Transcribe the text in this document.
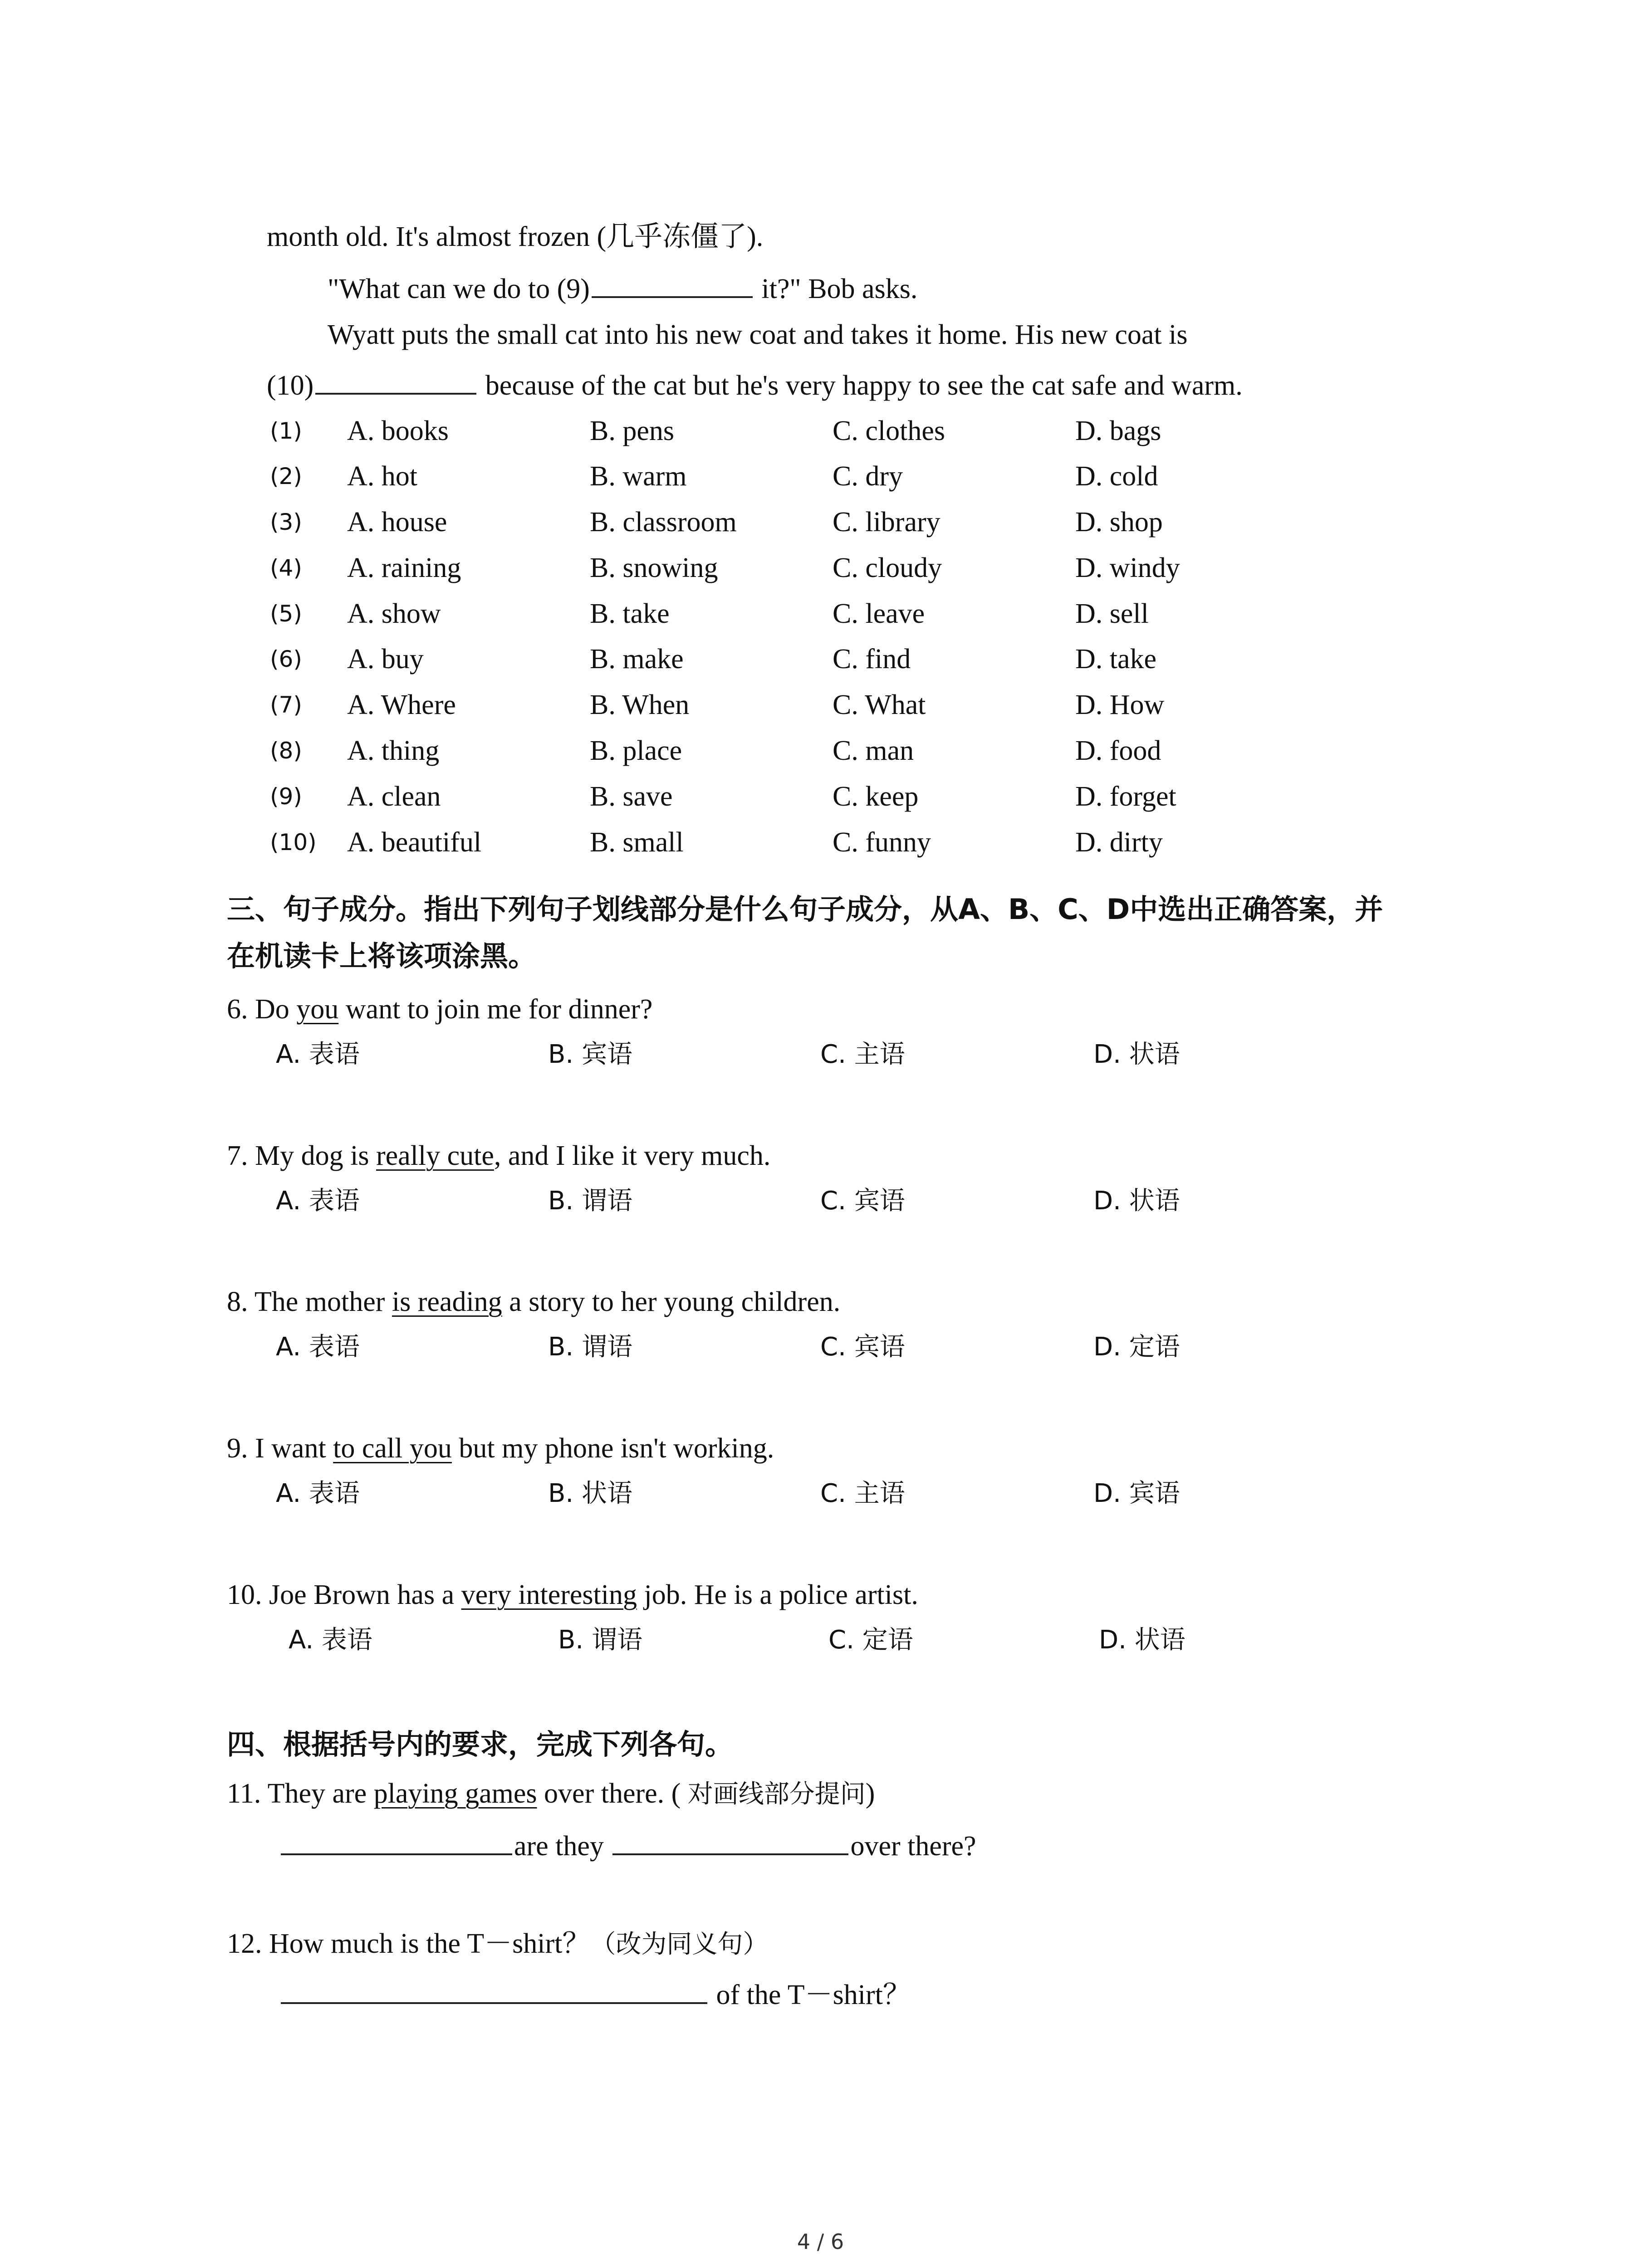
month old. It's almost frozen (几乎冻僵了).
"What can we do to (9)	it?" Bob asks.
Wyatt puts the small cat into his new coat and takes it home. His new coat is
(10)	because of the cat but he's very happy to see the cat safe and warm.
(1) A. books	B. pens	C. clothes	D. bags
(2) A. hot	B. warm	C. dry	D. cold
(3) A. house	B. classroom	C. library	D. shop
(4) A. raining	B. snowing	C. cloudy	D. windy
(5) A. show	B. take	C. leave	D. sell
(6) A. buy	B. make	C. find	D. take
(7) A. Where	B. When	C. What	D. How
(8) A. thing	B. place	C. man	D. food
(9) A. clean	B. save	C. keep	D. forget
(10) A. beautiful	B. small	C. funny	D. dirty
三、句子成分。指出下列句子划线部分是什么句子成分，从A、B、C、D中选出正确答案，并
在机读卡上将该项涂黑。
6. Do you want to join me for dinner?
A. 表语	B. 宾语	C. 主语	D. 状语
7. My dog is really cute, and I like it very much.
A. 表语	B. 谓语	C. 宾语	D. 状语
8. The mother is reading a story to her young children.
A. 表语	B. 谓语	C. 宾语	D. 定语
9. I want to call you but my phone isn't working.
A. 表语	B. 状语	C. 主语	D. 宾语
10. Joe Brown has a very interesting job. He is a police artist.
A. 表语	B. 谓语	C. 定语	D. 状语
四、根据括号内的要求，完成下列各句。
11. They are playing games over there. ( 对画线部分提问)
are they	over there?
12. How much is the T－shirt？（改为同义句）
of the T－shirt？
4 / 6
